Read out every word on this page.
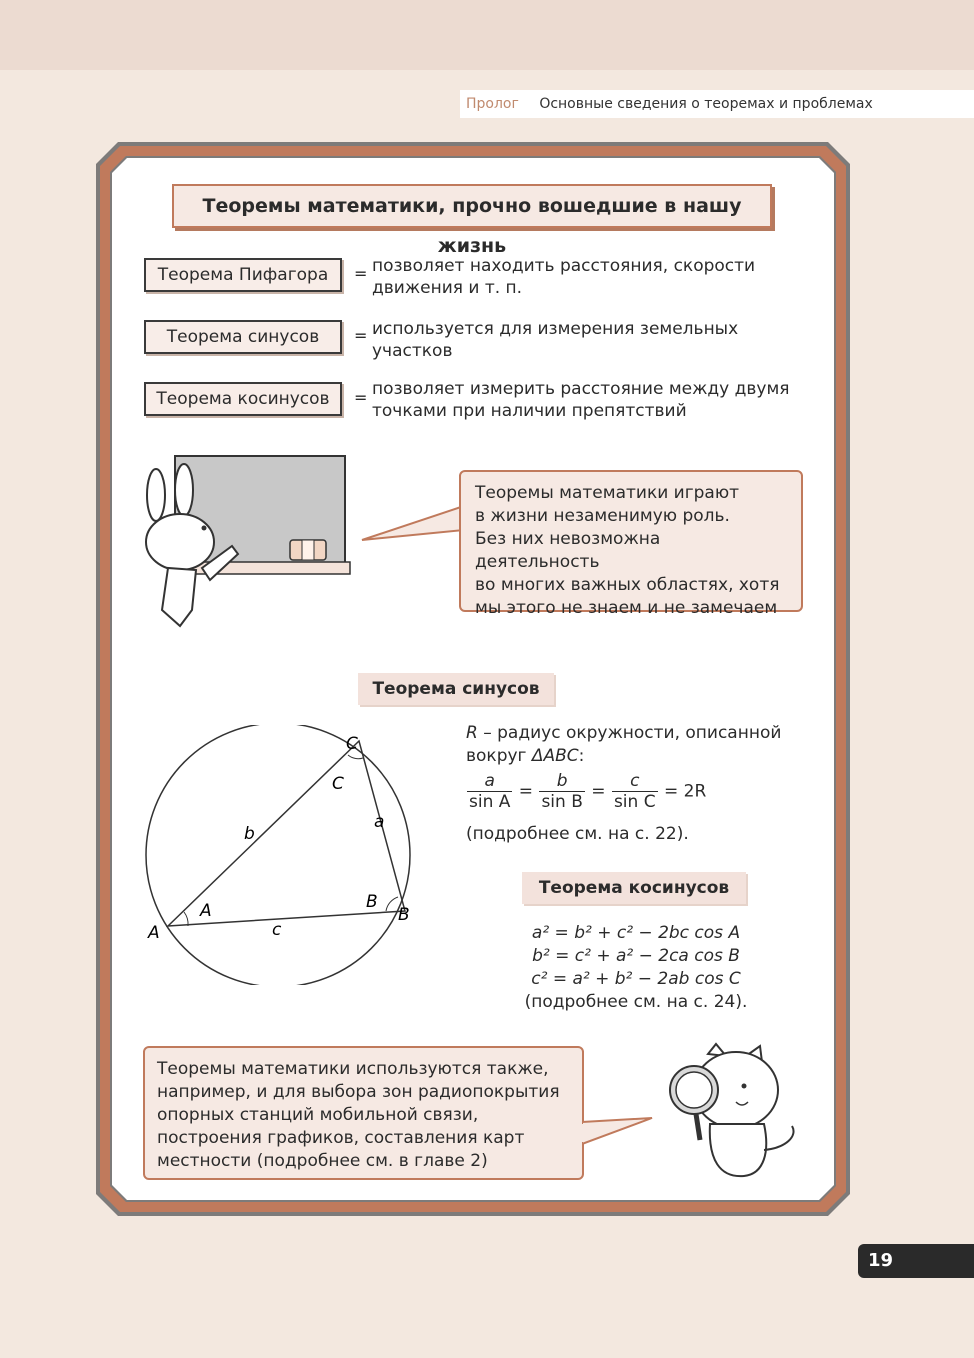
Пролог Основные сведения о теоремах и проблемах
Теоремы математики, прочно вошедшие в нашу жизнь
Теорема Пифагора	= позволяет находить расстояния, скорости
движения и т. п.
Теорема синусов	= используется для измерения земельных
участков
Теорема косинусов	= позволяет измерить расстояние между двумя
точками при наличии препятствий
Теоремы математики играют
в жизни незаменимую роль.
Без них невозможна деятельность
во многих важных областях, хотя
мы этого не знаем и не замечаем
Теорема синусов
A
A	B
B
C
C
a
b
c
R – радиус окружности, описанной
вокруг ΔABC:
$\frac{a}{\text{sin A}} = \frac{b}{\text{sin B}} = \frac{c}{\text{sin C}} = 2R$
(подробнее см. на с. 22).
Теорема косинусов
a² = b² + c² − 2bc cos A
b² = c² + a² − 2ca cos B
c² = a² + b² − 2ab cos C
(подробнее см. на с. 24).
Теоремы математики используются также,
например, и для выбора зон радиопокрытия
опорных станций мобильной связи,
построения графиков, составления карт
местности (подробнее см. в главе 2)
19
